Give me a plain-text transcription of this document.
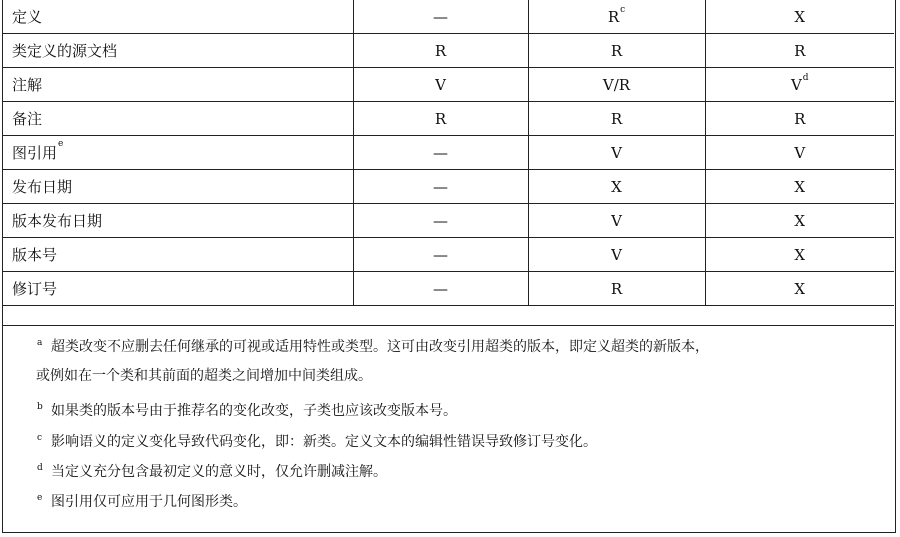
定义	—	$R^c$	X
类定义的源文档	R	R	R
注解	V	V/R	$V^d$
备注	R	R	R
图引用$^e$	—	V	V
发布日期	—	X	X
版本发布日期	—	V	X
版本号	—	V	X
修订号	—	R	X
a 超类改变不应删去任何继承的可视或适用特性或类型。这可由改变引用超类的版本，即定义超类的新版本，
或例如在一个类和其前面的超类之间增加中间类组成。
b 如果类的版本号由于推荐名的变化改变，子类也应该改变版本号。
c 影响语义的定义变化导致代码变化，即：新类。定义文本的编辑性错误导致修订号变化。
d 当定义充分包含最初定义的意义时，仅允许删减注解。
e 图引用仅可应用于几何图形类。
